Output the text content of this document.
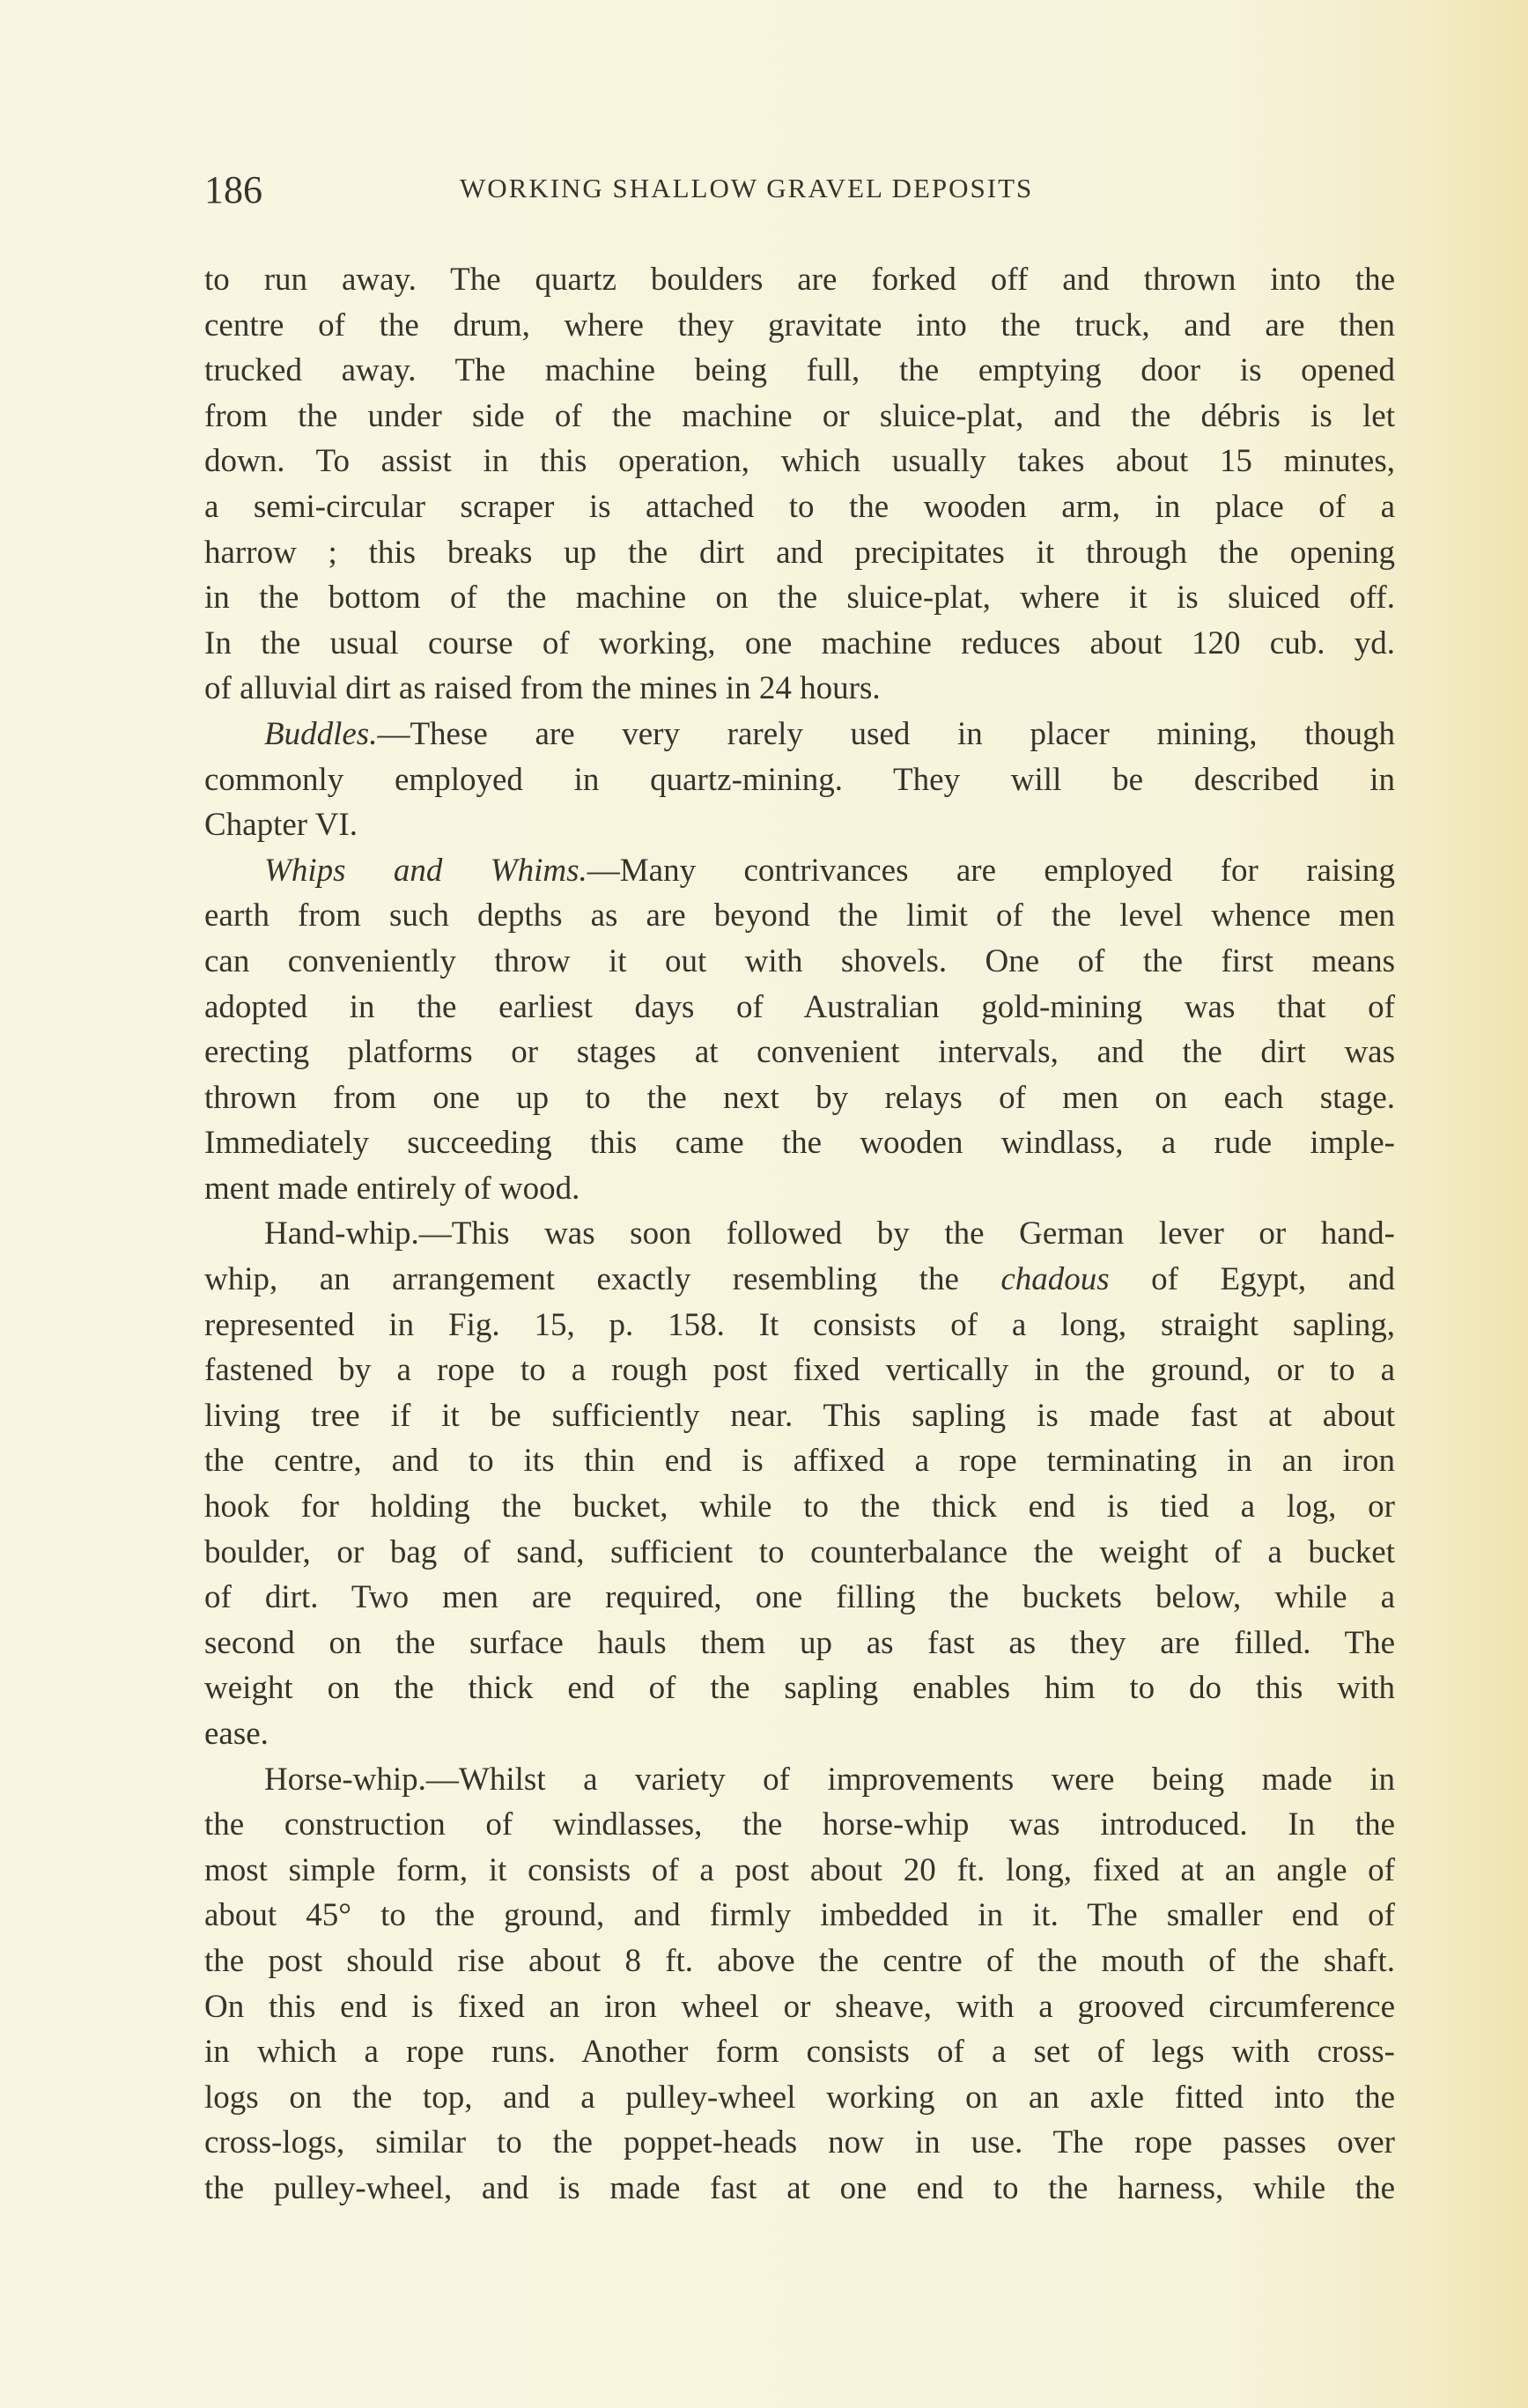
186	WORKING SHALLOW GRAVEL DEPOSITS
to run away. The quartz boulders are forked off and thrown into the
centre of the drum, where they gravitate into the truck, and are then
trucked away. The machine being full, the emptying door is opened
from the under side of the machine or sluice-plat, and the débris is let
down. To assist in this operation, which usually takes about 15 minutes,
a semi-circular scraper is attached to the wooden arm, in place of a
harrow ; this breaks up the dirt and precipitates it through the opening
in the bottom of the machine on the sluice-plat, where it is sluiced off.
In the usual course of working, one machine reduces about 120 cub. yd.
of alluvial dirt as raised from the mines in 24 hours.
Buddles.—These are very rarely used in placer mining, though
commonly employed in quartz-mining. They will be described in
Chapter VI.
Whips and Whims.—Many contrivances are employed for raising
earth from such depths as are beyond the limit of the level whence men
can conveniently throw it out with shovels. One of the first means
adopted in the earliest days of Australian gold-mining was that of
erecting platforms or stages at convenient intervals, and the dirt was
thrown from one up to the next by relays of men on each stage.
Immediately succeeding this came the wooden windlass, a rude imple-
ment made entirely of wood.
Hand-whip.—This was soon followed by the German lever or hand-
whip, an arrangement exactly resembling the chadous of Egypt, and
represented in Fig. 15, p. 158. It consists of a long, straight sapling,
fastened by a rope to a rough post fixed vertically in the ground, or to a
living tree if it be sufficiently near. This sapling is made fast at about
the centre, and to its thin end is affixed a rope terminating in an iron
hook for holding the bucket, while to the thick end is tied a log, or
boulder, or bag of sand, sufficient to counterbalance the weight of a bucket
of dirt. Two men are required, one filling the buckets below, while a
second on the surface hauls them up as fast as they are filled. The
weight on the thick end of the sapling enables him to do this with
ease.
Horse-whip.—Whilst a variety of improvements were being made in
the construction of windlasses, the horse-whip was introduced. In the
most simple form, it consists of a post about 20 ft. long, fixed at an angle of
about 45° to the ground, and firmly imbedded in it. The smaller end of
the post should rise about 8 ft. above the centre of the mouth of the shaft.
On this end is fixed an iron wheel or sheave, with a grooved circumference
in which a rope runs. Another form consists of a set of legs with cross-
logs on the top, and a pulley-wheel working on an axle fitted into the
cross-logs, similar to the poppet-heads now in use. The rope passes over
the pulley-wheel, and is made fast at one end to the harness, while the
